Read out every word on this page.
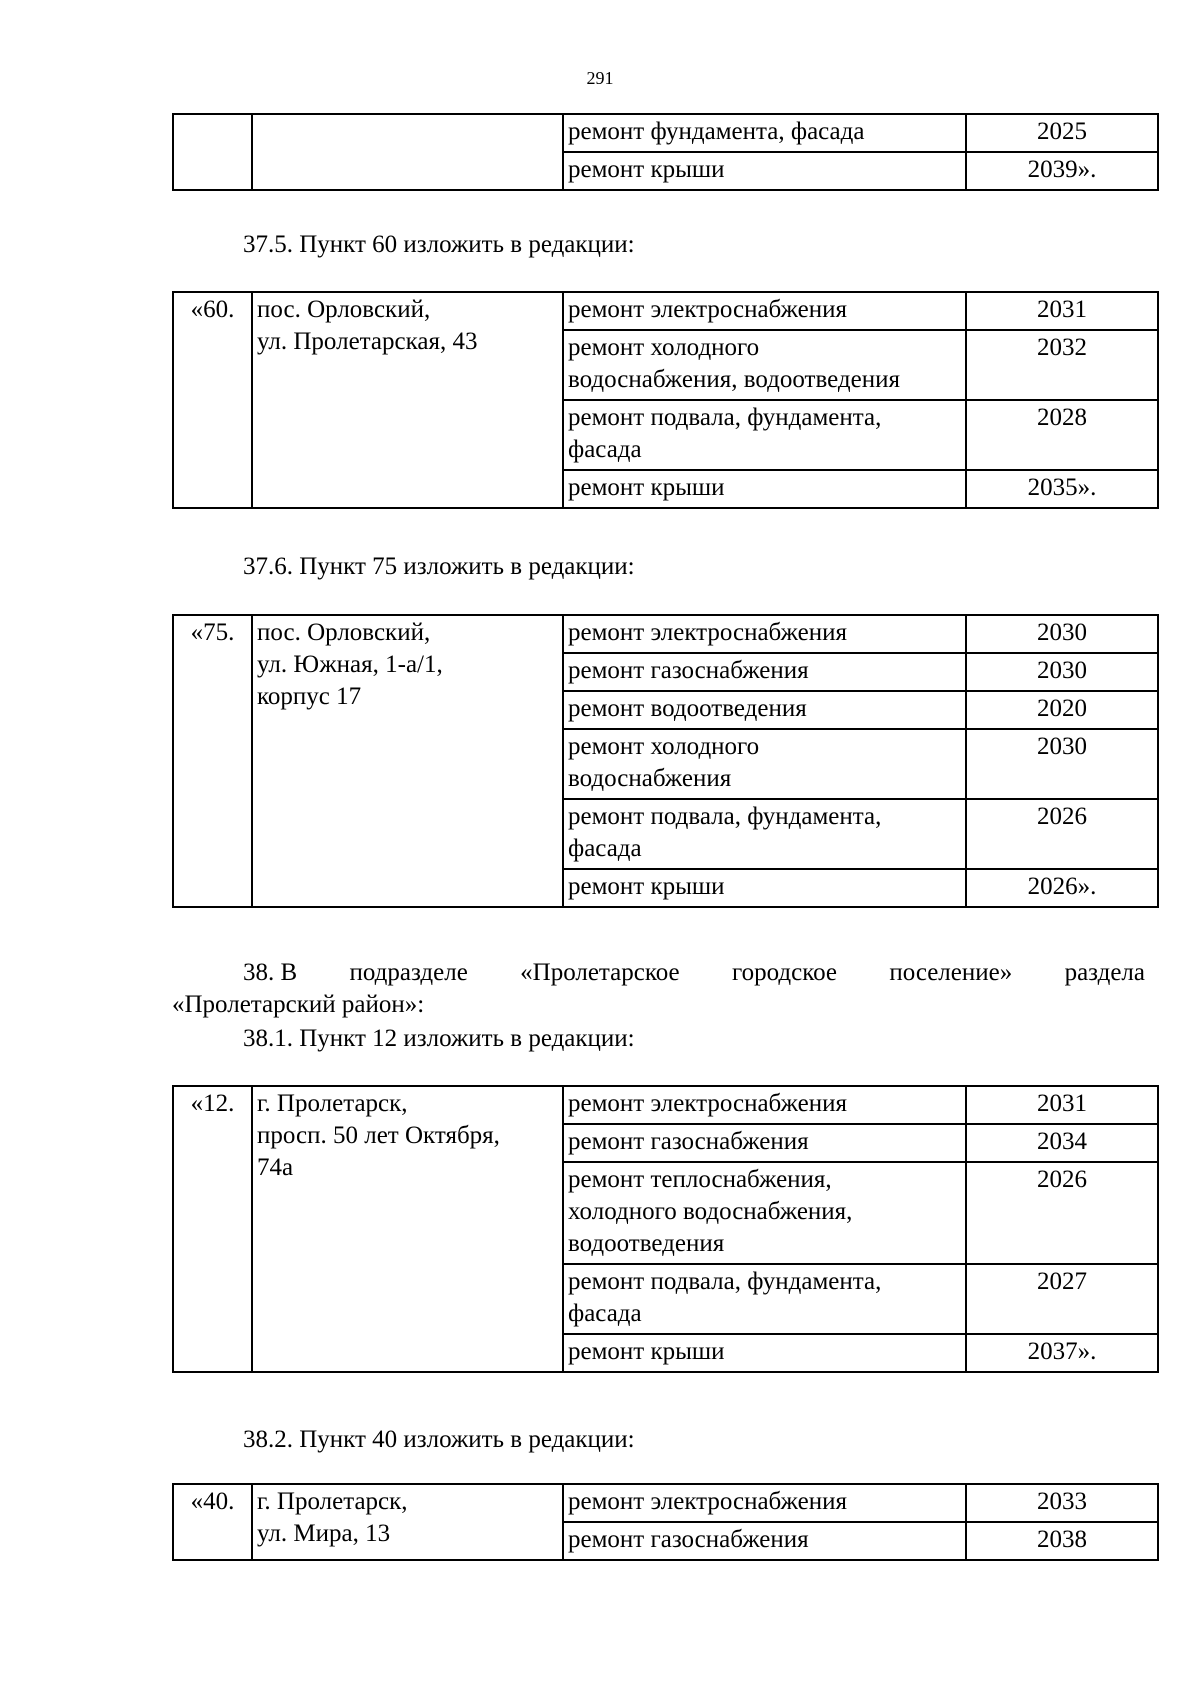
291
		ремонт фундамента, фасада	2025
		ремонт крыши	2039».
37.5. Пункт 60 изложить в редакции:
«60.	пос. Орловский,
ул. Пролетарская, 43	ремонт электроснабжения	2031

		ремонт холодного
водоснабжения, водоотведения	2032

		ремонт подвала, фундамента,
фасада	2028

		ремонт крыши	2035».
37.6. Пункт 75 изложить в редакции:
«75.	пос. Орловский,
ул. Южная, 1-а/1,
корпус 17	ремонт электроснабжения	2030

		ремонт газоснабжения	2030

		ремонт водоотведения	2020

		ремонт холодного
водоснабжения	2030

		ремонт подвала, фундамента,
фасада	2026

		ремонт крыши	2026».
38. В подразделе «Пролетарское городское поселение» раздела
«Пролетарский район»:
38.1. Пункт 12 изложить в редакции:
«12.	г. Пролетарск,
просп. 50 лет Октября,
74а	ремонт электроснабжения	2031

		ремонт газоснабжения	2034

		ремонт теплоснабжения,
холодного водоснабжения,
водоотведения	2026

		ремонт подвала, фундамента,
фасада	2027

		ремонт крыши	2037».
38.2. Пункт 40 изложить в редакции:
«40.	г. Пролетарск,
ул. Мира, 13	ремонт электроснабжения	2033

		ремонт газоснабжения	2038
